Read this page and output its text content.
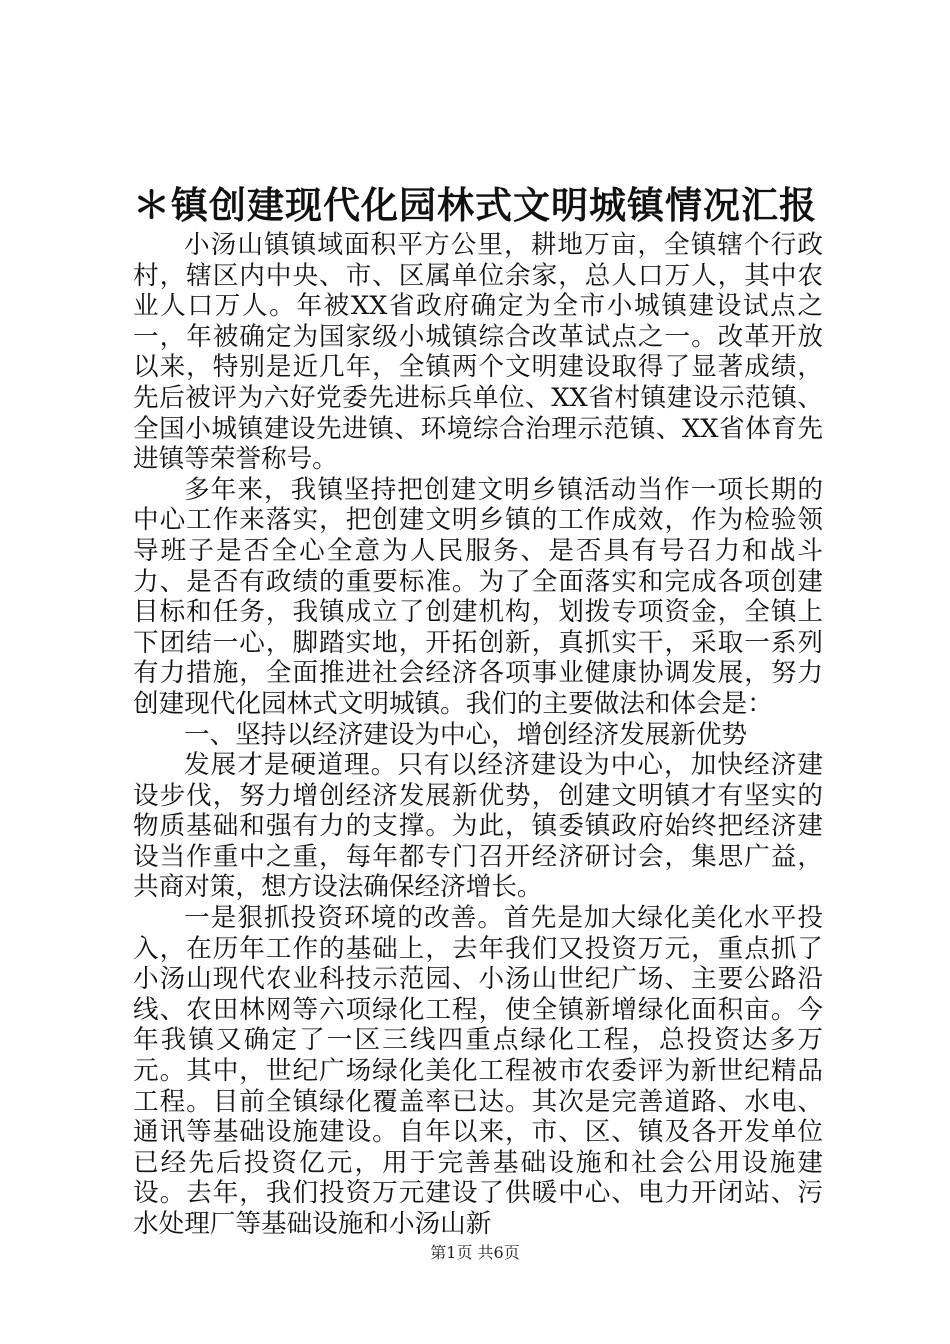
＊镇创建现代化园林式文明城镇情况汇报

小汤山镇镇域面积平方公里，耕地万亩，全镇辖个行政村，辖区内中央、市、区属单位余家，总人口万人，其中农业人口万人。年被XX省政府确定为全市小城镇建设试点之一，年被确定为国家级小城镇综合改革试点之一。改革开放以来，特别是近几年，全镇两个文明建设取得了显著成绩，先后被评为六好党委先进标兵单位、XX省村镇建设示范镇、全国小城镇建设先进镇、环境综合治理示范镇、XX省体育先进镇等荣誉称号。

多年来，我镇坚持把创建文明乡镇活动当作一项长期的中心工作来落实，把创建文明乡镇的工作成效，作为检验领导班子是否全心全意为人民服务、是否具有号召力和战斗力、是否有政绩的重要标准。为了全面落实和完成各项创建目标和任务，我镇成立了创建机构，划拨专项资金，全镇上下团结一心，脚踏实地，开拓创新，真抓实干，采取一系列有力措施，全面推进社会经济各项事业健康协调发展，努力创建现代化园林式文明城镇。我们的主要做法和体会是：

一、坚持以经济建设为中心，增创经济发展新优势

发展才是硬道理。只有以经济建设为中心，加快经济建设步伐，努力增创经济发展新优势，创建文明镇才有坚实的物质基础和强有力的支撑。为此，镇委镇政府始终把经济建设当作重中之重，每年都专门召开经济研讨会，集思广益，共商对策，想方设法确保经济增长。

一是狠抓投资环境的改善。首先是加大绿化美化水平投入，在历年工作的基础上，去年我们又投资万元，重点抓了小汤山现代农业科技示范园、小汤山世纪广场、主要公路沿线、农田林网等六项绿化工程，使全镇新增绿化面积亩。今年我镇又确定了一区三线四重点绿化工程，总投资达多万元。其中，世纪广场绿化美化工程被市农委评为新世纪精品工程。目前全镇绿化覆盖率已达。其次是完善道路、水电、通讯等基础设施建设。自年以来，市、区、镇及各开发单位已经先后投资亿元，用于完善基础设施和社会公用设施建设。去年，我们投资万元建设了供暖中心、电力开闭站、污水处理厂等基础设施和小汤山新

第1页 共6页
